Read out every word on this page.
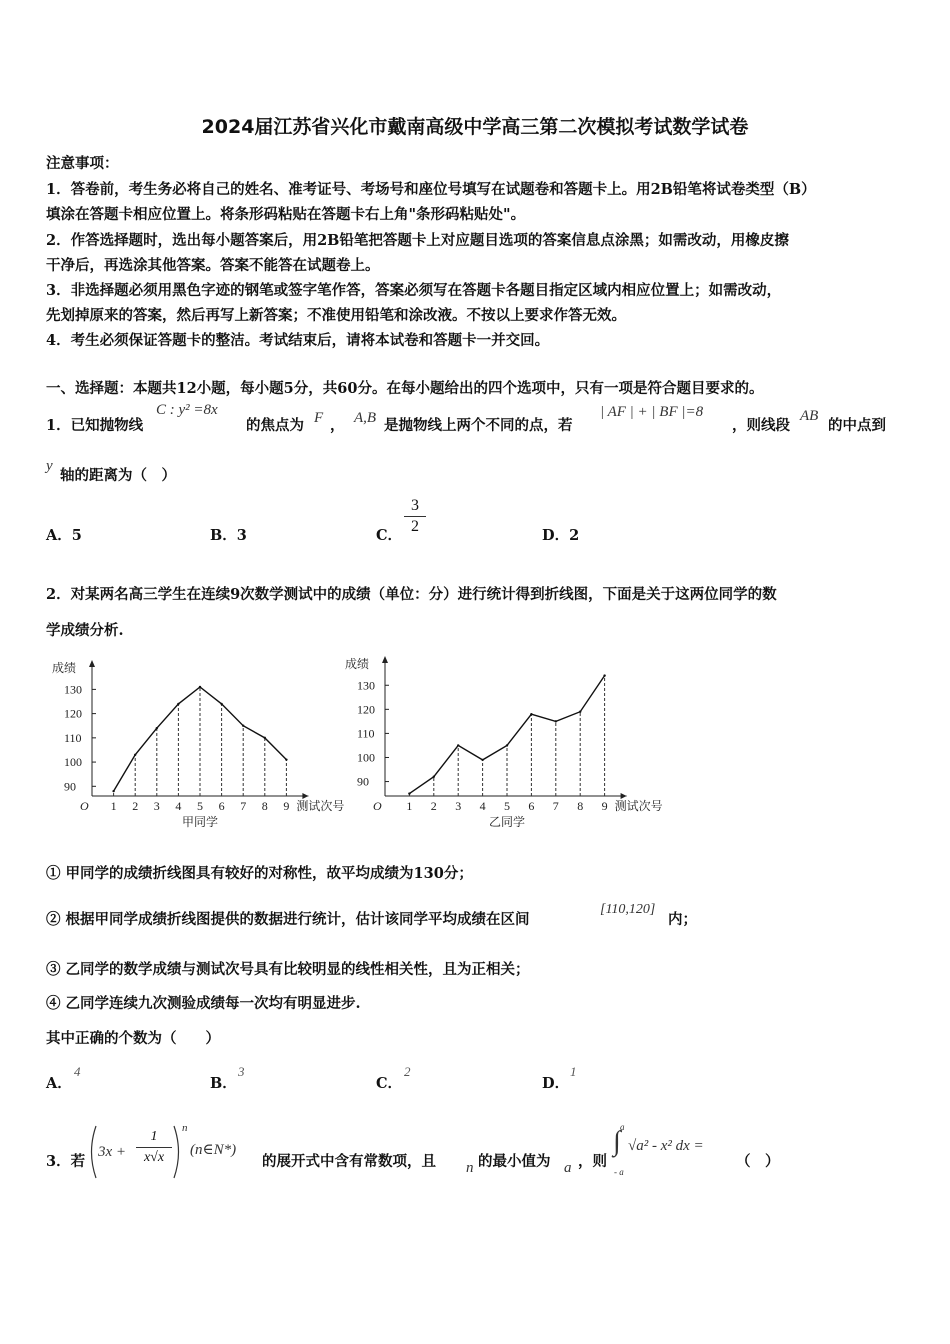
2024届江苏省兴化市戴南高级中学高三第二次模拟考试数学试卷
注意事项：
1．答卷前，考生务必将自己的姓名、准考证号、考场号和座位号填写在试题卷和答题卡上。用2B铅笔将试卷类型（B）
填涂在答题卡相应位置上。将条形码粘贴在答题卡右上角"条形码粘贴处"。
2．作答选择题时，选出每小题答案后，用2B铅笔把答题卡上对应题目选项的答案信息点涂黑；如需改动，用橡皮擦
干净后，再选涂其他答案。答案不能答在试题卷上。
3．非选择题必须用黑色字迹的钢笔或签字笔作答，答案必须写在答题卡各题目指定区域内相应位置上；如需改动，
先划掉原来的答案，然后再写上新答案；不准使用铅笔和涂改液。不按以上要求作答无效。
4．考生必须保证答题卡的整洁。考试结束后，请将本试卷和答题卡一并交回。
一、选择题：本题共12小题，每小题5分，共60分。在每小题给出的四个选项中，只有一项是符合题目要求的。
1．已知抛物线
C : y² =8x
的焦点为 F ， A,B 是抛物线上两个不同的点，若
| AF | + | BF |=8
，则线段
AB
的中点到
y
轴的距离为（　）
A．5	B．3	C．
3
2
D．2
2．对某两名高三学生在连续9次数学测试中的成绩（单位：分）进行统计得到折线图，下面是关于这两位同学的数
学成绩分析.
成绩
测试次号
O
甲同学
90
100
110
120
130
1 2 3 4 5 6 7 8 9
成绩
测试次号
O
乙同学
90
100
110
120
130
1 2 3 4 5 6 7 8 9
① 甲同学的成绩折线图具有较好的对称性，故平均成绩为130分；
② 根据甲同学成绩折线图提供的数据进行统计，估计该同学平均成绩在区间
[110,120]
内；
③ 乙同学的数学成绩与测试次号具有比较明显的线性相关性，且为正相关；
④ 乙同学连续九次测验成绩每一次均有明显进步.
其中正确的个数为（　　）
A．
4
B．
3
C．
2
D．
1
3．若
3x +
1
x√x
n
(n∈N*)
的展开式中含有常数项，且 n 的最小值为 a ，则
a
∫
- a
√a² - x² dx =
（　）
